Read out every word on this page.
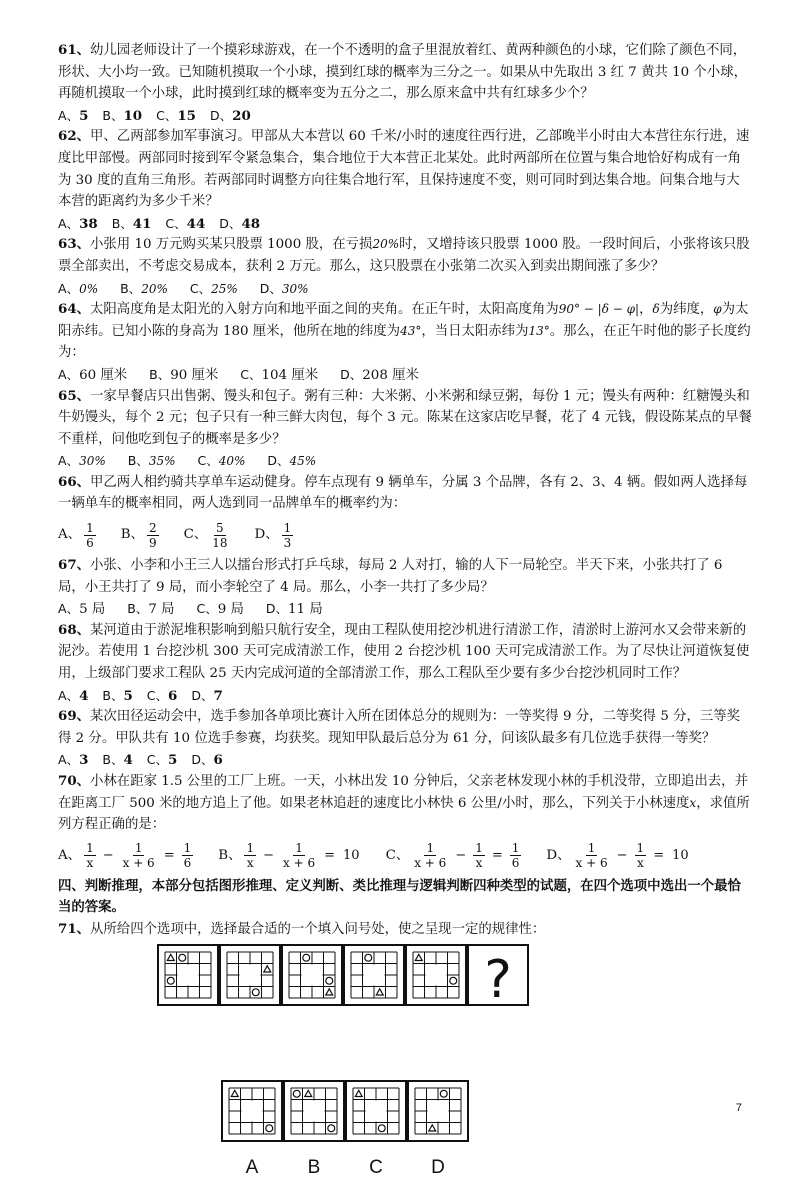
61、幼儿园老师设计了一个摸彩球游戏，在一个不透明的盒子里混放着红、黄两种颜色的小球，它们除了颜色不同，形状、大小均一致。已知随机摸取一个小球，摸到红球的概率为三分之一。如果从中先取出 3 红 7 黄共 10 个小球，再随机摸取一个小球，此时摸到红球的概率变为五分之二，那么原来盒中共有红球多少个？

A、5 B、10 C、15 D、20

62、甲、乙两部参加军事演习。甲部从大本营以 60 千米/小时的速度往西行进，乙部晚半小时由大本营往东行进，速度比甲部慢。两部同时接到军令紧急集合，集合地位于大本营正北某处。此时两部所在位置与集合地恰好构成有一角为 30 度的直角三角形。若两部同时调整方向往集合地行军，且保持速度不变，则可同时到达集合地。问集合地与大本营的距离约为多少千米？

A、38 B、41 C、44 D、48

63、小张用 10 万元购买某只股票 1000 股，在亏损20%时，又增持该只股票 1000 股。一段时间后，小张将该只股票全部卖出，不考虑交易成本，获利 2 万元。那么，这只股票在小张第二次买入到卖出期间涨了多少？

A、0% B、20% C、25% D、30%

64、太阳高度角是太阳光的入射方向和地平面之间的夹角。在正午时，太阳高度角为90° − |δ − φ|，δ为纬度，φ为太阳赤纬。已知小陈的身高为 180 厘米，他所在地的纬度为43°，当日太阳赤纬为13°。那么，在正午时他的影子长度约为：

A、60 厘米 B、90 厘米 C、104 厘米 D、208 厘米

65、一家早餐店只出售粥、馒头和包子。粥有三种：大米粥、小米粥和绿豆粥，每份 1 元；馒头有两种：红糖馒头和牛奶馒头，每个 2 元；包子只有一种三鲜大肉包，每个 3 元。陈某在这家店吃早餐，花了 4 元钱，假设陈某点的早餐不重样，问他吃到包子的概率是多少？

A、30% B、35% C、40% D、45%

66、甲乙两人相约骑共享单车运动健身。停车点现有 9 辆单车，分属 3 个品牌，各有 2、3、4 辆。假如两人选择每一辆单车的概率相同，两人选到同一品牌单车的概率约为：

A、 $\frac{1}{6}$ B、 $\frac{2}{9}$ C、 $\frac{5}{18}$ D、 $\frac{1}{3}$

67、小张、小李和小王三人以擂台形式打乒乓球，每局 2 人对打，输的人下一局轮空。半天下来，小张共打了 6 局，小王共打了 9 局，而小李轮空了 4 局。那么，小李一共打了多少局？

A、5 局 B、7 局 C、9 局 D、11 局

68、某河道由于淤泥堆积影响到船只航行安全，现由工程队使用挖沙机进行清淤工作，清淤时上游河水又会带来新的泥沙。若使用 1 台挖沙机 300 天可完成清淤工作，使用 2 台挖沙机 100 天可完成清淤工作。为了尽快让河道恢复使用，上级部门要求工程队 25 天内完成河道的全部清淤工作，那么工程队至少要有多少台挖沙机同时工作？

A、4 B、5 C、6 D、7

69、某次田径运动会中，选手参加各单项比赛计入所在团体总分的规则为：一等奖得 9 分，二等奖得 5 分，三等奖得 2 分。甲队共有 10 位选手参赛，均获奖。现知甲队最后总分为 61 分，问该队最多有几位选手获得一等奖？

A、3 B、4 C、5 D、6

70、小林在距家 1.5 公里的工厂上班。一天，小林出发 10 分钟后，父亲老林发现小林的手机没带，立即追出去，并在距离工厂 500 米的地方追上了他。如果老林追赶的速度比小林快 6 公里/小时，那么，下列关于小林速度x，求值所列方程正确的是：

A、 $\frac{1}{x} - \frac{1}{x + 6} = \frac{1}{6}$ B、 $\frac{1}{x} - \frac{1}{x + 6} = 10$ C、 $\frac{1}{x + 6} - \frac{1}{x} = \frac{1}{6}$ D、 $\frac{1}{x + 6} - \frac{1}{x} = 10$

四、判断推理，本部分包括图形推理、定义判断、类比推理与逻辑判断四种类型的试题，在四个选项中选出一个最恰当的答案。

71、从所给四个选项中，选择最合适的一个填入问号处，使之呈现一定的规律性：

?
A	B	C	D
7
